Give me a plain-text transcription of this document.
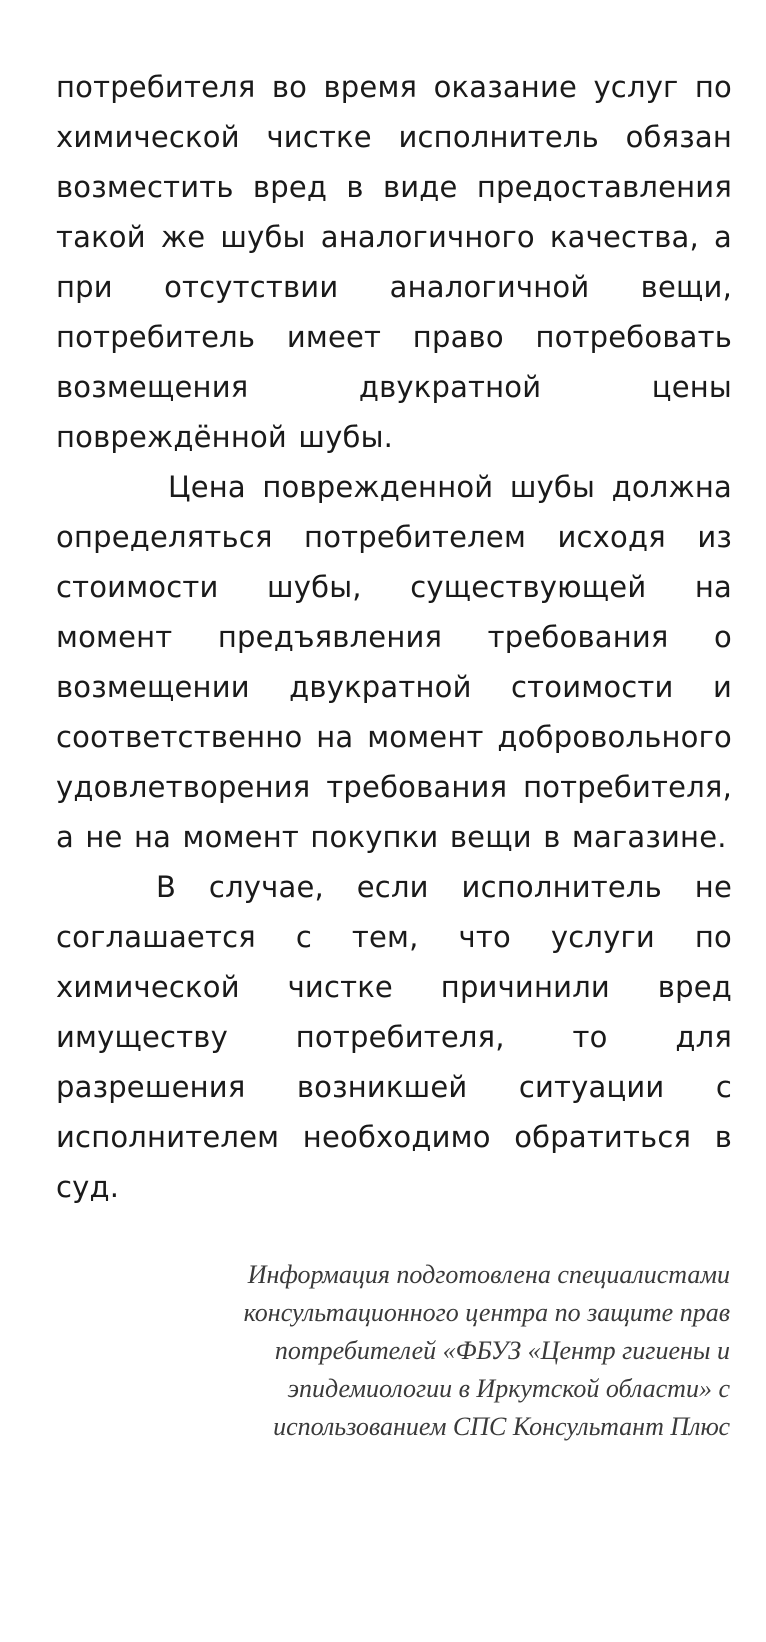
потребителя во время оказание услуг по химической чистке исполнитель обязан возместить вред в виде предоставления такой же шубы аналогичного качества, а при отсутствии аналогичной вещи, потребитель имеет право потребовать возмещения двукратной цены повреждённой шубы.

Цена поврежденной шубы должна определяться потребителем исходя из стоимости шубы, существующей на момент предъявления требования о возмещении двукратной стоимости и соответственно на момент добровольного удовлетворения требования потребителя, а не на момент покупки вещи в магазине.

В случае, если исполнитель не соглашается с тем, что услуги по химической чистке причинили вред имуществу потребителя, то для разрешения возникшей ситуации с исполнителем необходимо обратиться в суд.

Информация подготовлена специалистами
консультационного центра по защите прав
потребителей «ФБУЗ «Центр гигиены и
эпидемиологии в Иркутской области» с
использованием СПС Консультант Плюс
